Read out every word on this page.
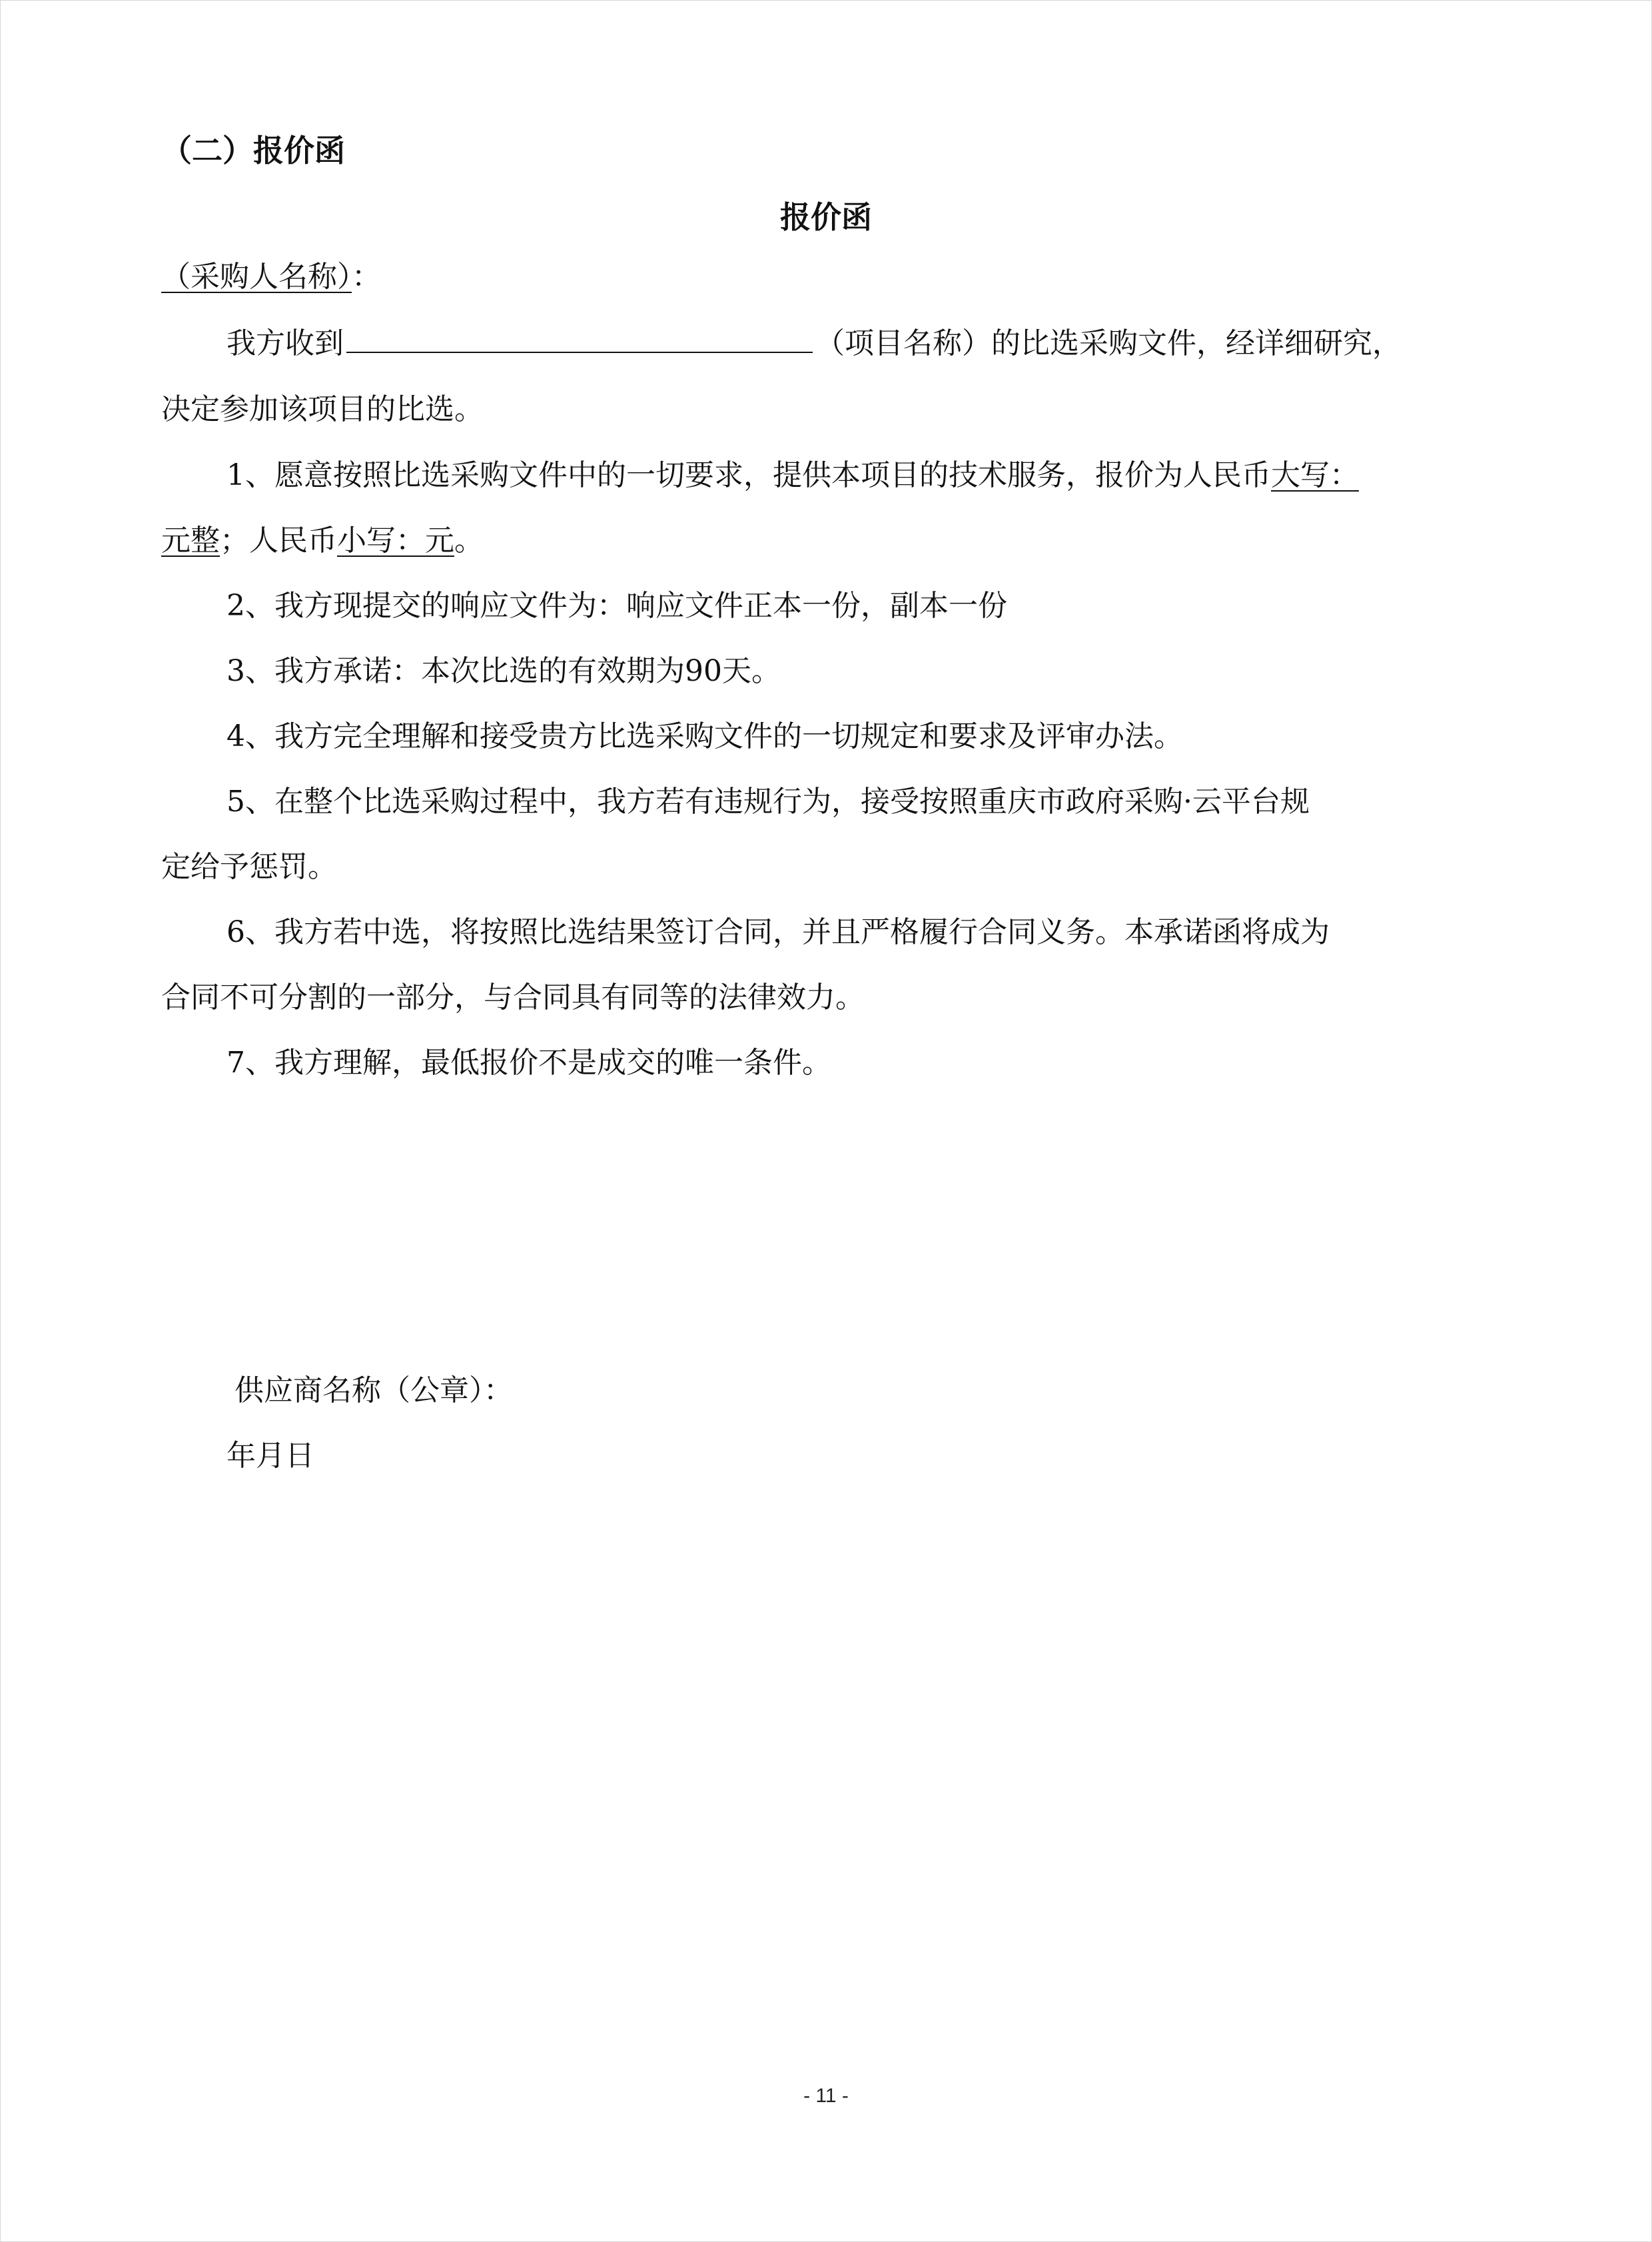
（二）报价函
报价函
（采购人名称）：
我方收到	（项目名称）的比选采购文件，经详细研究，
决定参加该项目的比选。
1、愿意按照比选采购文件中的一切要求，提供本项目的技术服务，报价为人民币大写：
元整；人民币小写：元。
2、我方现提交的响应文件为：响应文件正本一份，副本一份
3、我方承诺：本次比选的有效期为90天。
4、我方完全理解和接受贵方比选采购文件的一切规定和要求及评审办法。
5、在整个比选采购过程中，我方若有违规行为，接受按照重庆市政府采购·云平台规
定给予惩罚。
6、我方若中选，将按照比选结果签订合同，并且严格履行合同义务。本承诺函将成为
合同不可分割的一部分，与合同具有同等的法律效力。
7、我方理解，最低报价不是成交的唯一条件。
供应商名称（公章）：
年月日
- 11 -
